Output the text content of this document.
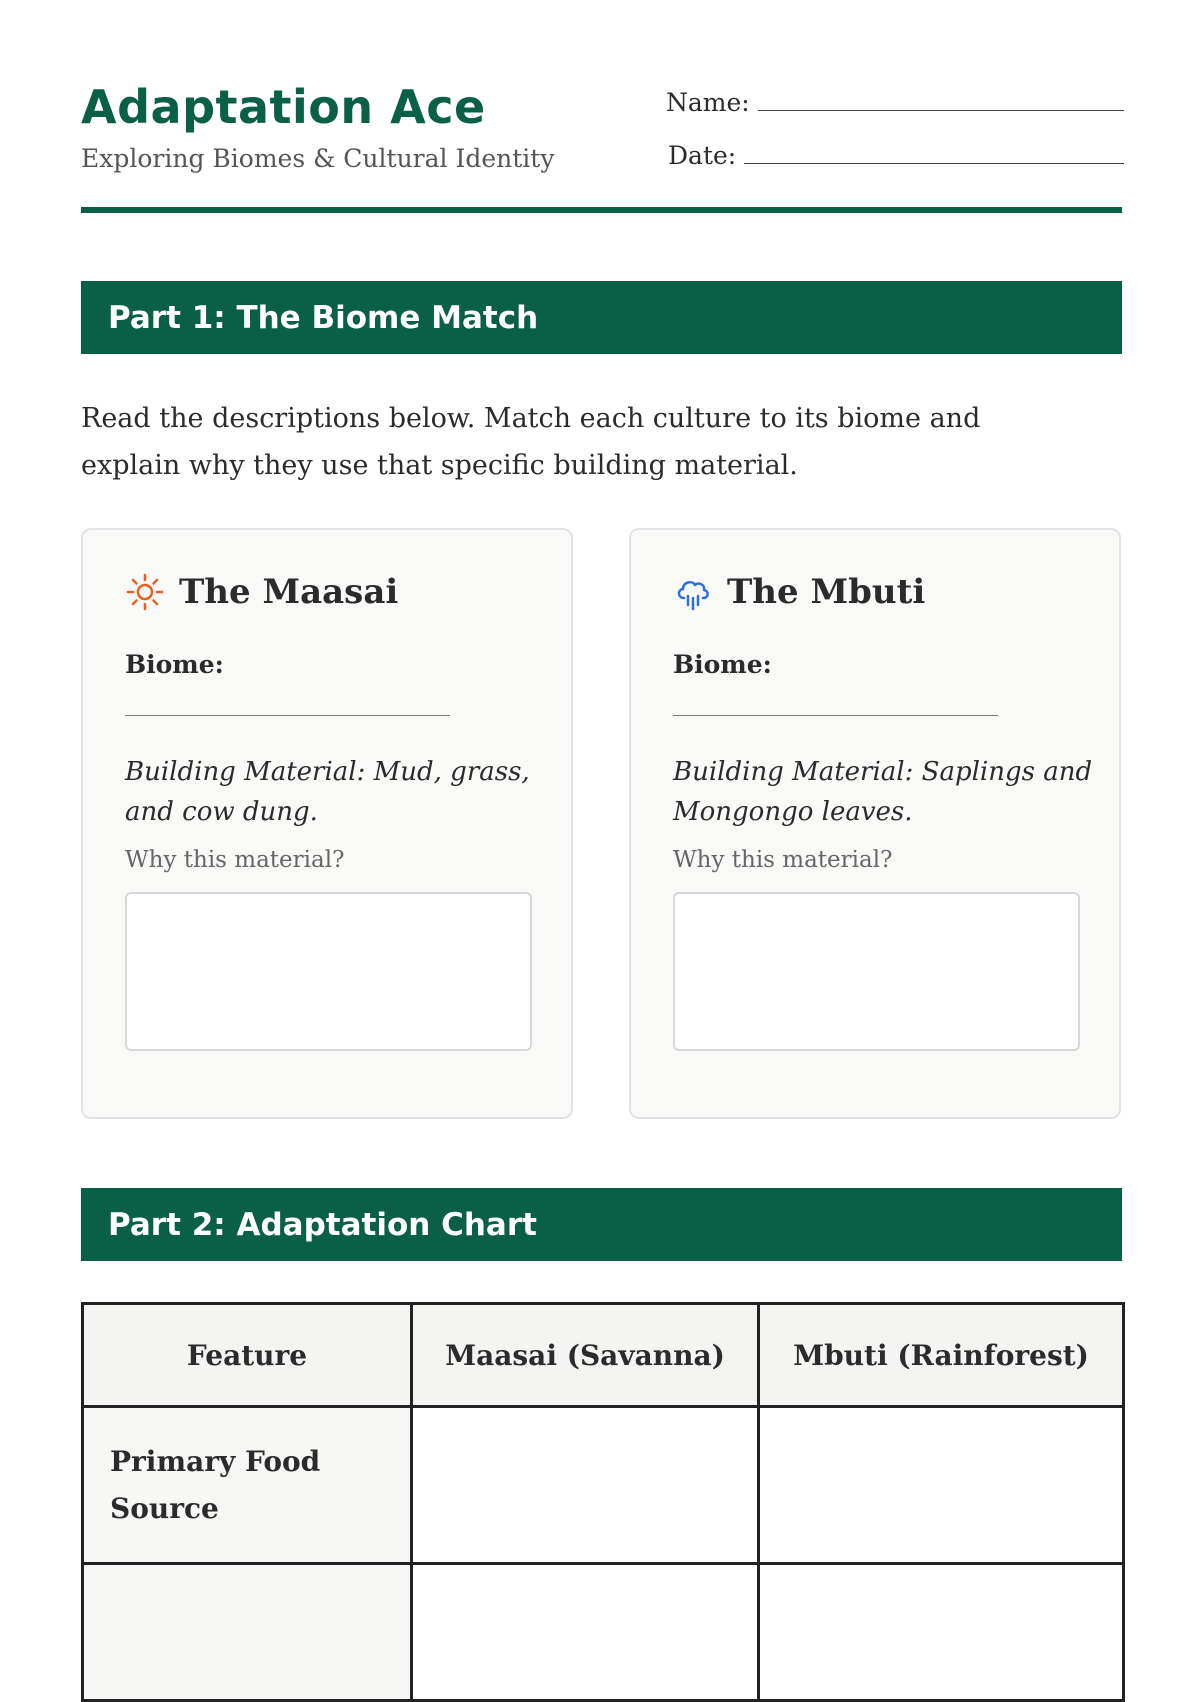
Adaptation Ace
Exploring Biomes & Cultural Identity
Name:
Date:
Part 1: The Biome Match
Read the descriptions below. Match each culture to its biome and explain why they use that specific building material.
The Maasai
Biome:
Building Material: Mud, grass, and cow dung.
Why this material?
The Mbuti
Biome:
Building Material: Saplings and Mongongo leaves.
Why this material?
Part 2: Adaptation Chart
Feature	Maasai (Savanna)	Mbuti (Rainforest)
Primary Food Source		
